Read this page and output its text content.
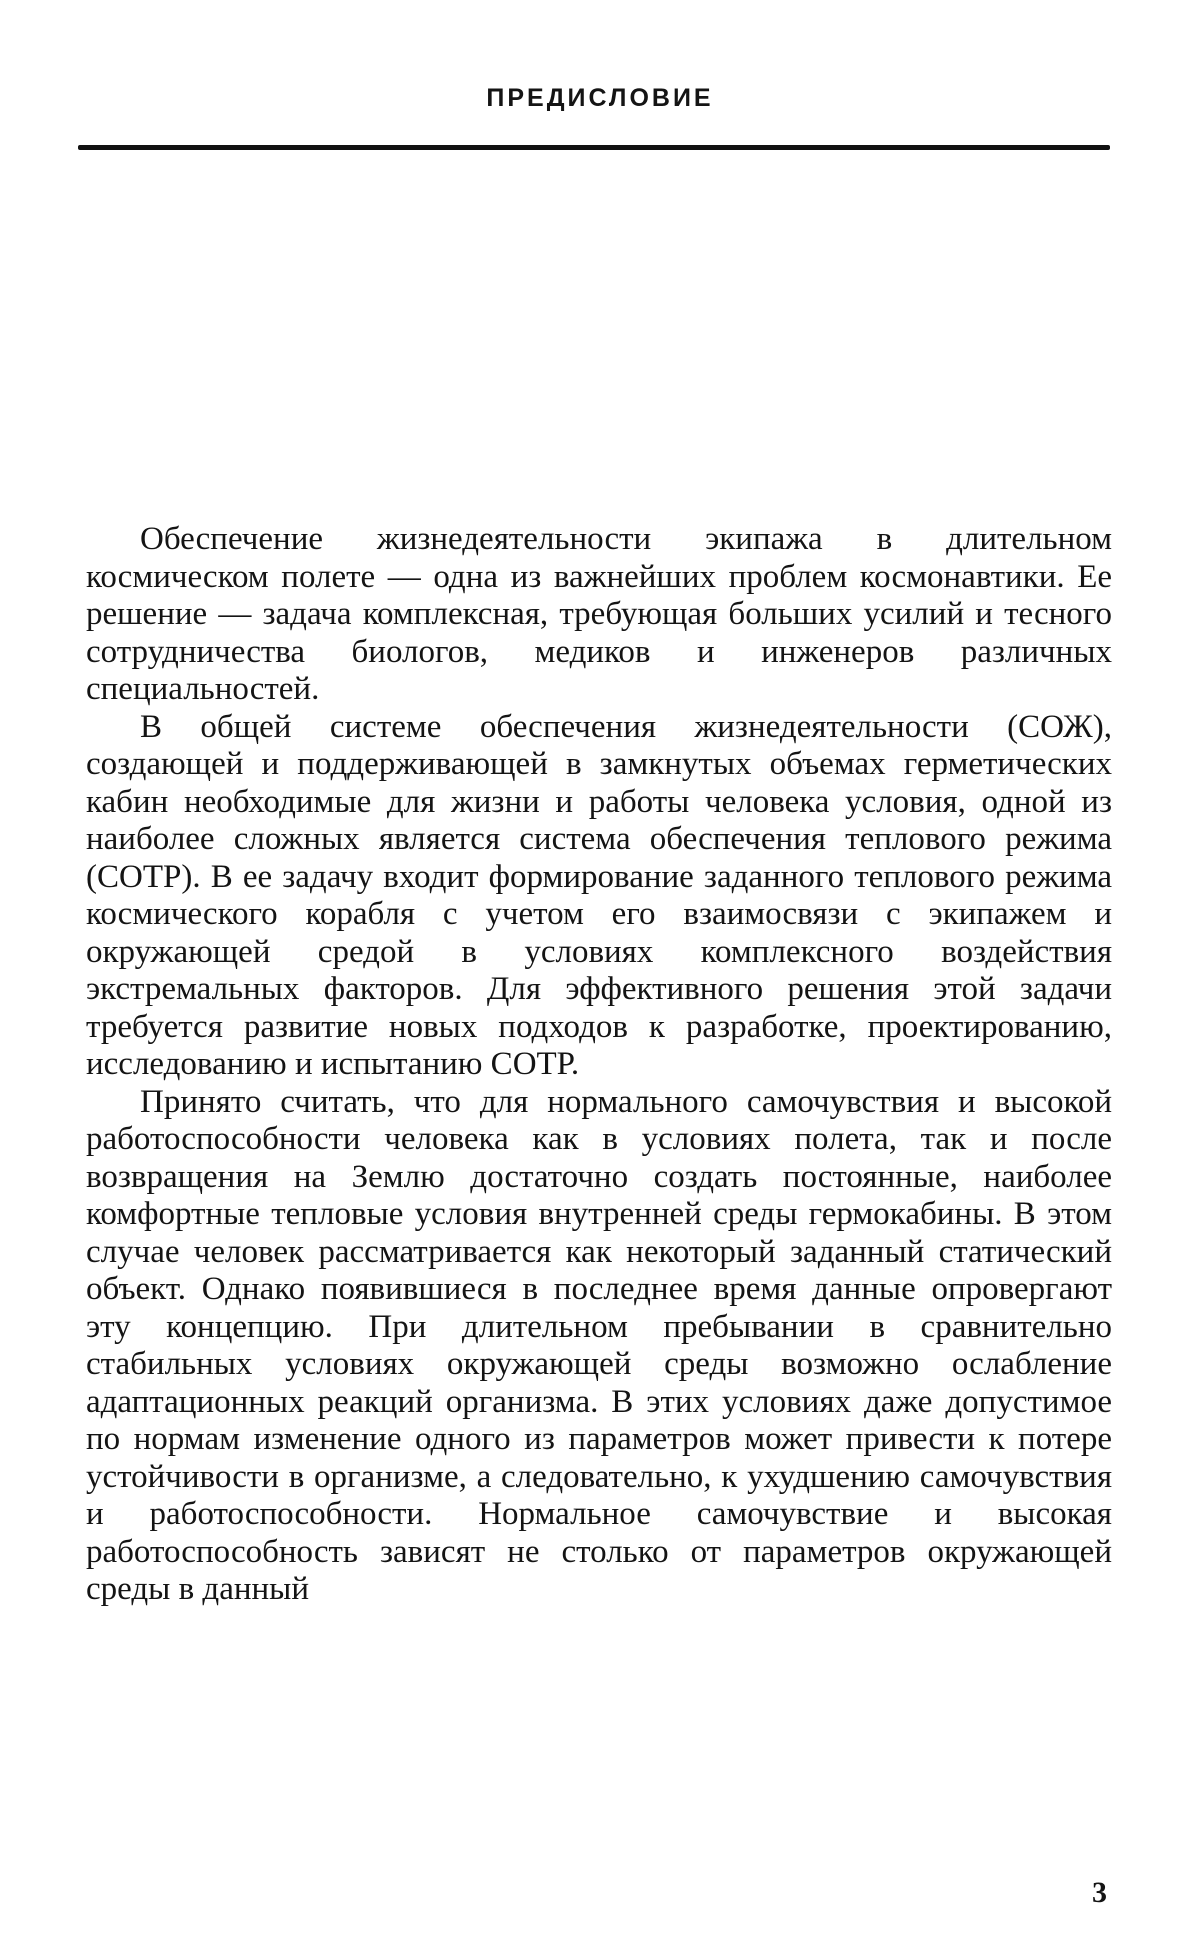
ПРЕДИСЛОВИЕ

Обеспечение жизнедеятельности экипажа в длительном космическом полете — одна из важнейших проблем космонавтики. Ее решение — задача комплексная, требующая больших усилий и тесного сотрудничества биологов, медиков и инженеров различных специальностей.

В общей системе обеспечения жизнедеятельности (СОЖ), создающей и поддерживающей в замкнутых объемах герметических кабин необходимые для жизни и работы человека условия, одной из наиболее сложных является система обеспечения теплового режима (СОТР). В ее задачу входит формирование заданного теплового режима космического корабля с учетом его взаимосвязи с экипажем и окружающей средой в условиях комплексного воздействия экстремальных факторов. Для эффективного решения этой задачи требуется развитие новых подходов к разработке, проектированию, исследованию и испытанию СОТР.

Принято считать, что для нормального самочувствия и высокой работоспособности человека как в условиях полета, так и после возвращения на Землю достаточно создать постоянные, наиболее комфортные тепловые условия внутренней среды гермокабины. В этом случае человек рассматривается как некоторый заданный статический объект. Однако появившиеся в последнее время данные опровергают эту концепцию. При длительном пребывании в сравнительно стабильных условиях окружающей среды возможно ослабление адаптационных реакций организма. В этих условиях даже допустимое по нормам изменение одного из параметров может привести к потере устойчивости в организме, а следовательно, к ухудшению самочувствия и работоспособности. Нормальное самочувствие и высокая работоспособность зависят не столько от параметров окружающей среды в данный

3
